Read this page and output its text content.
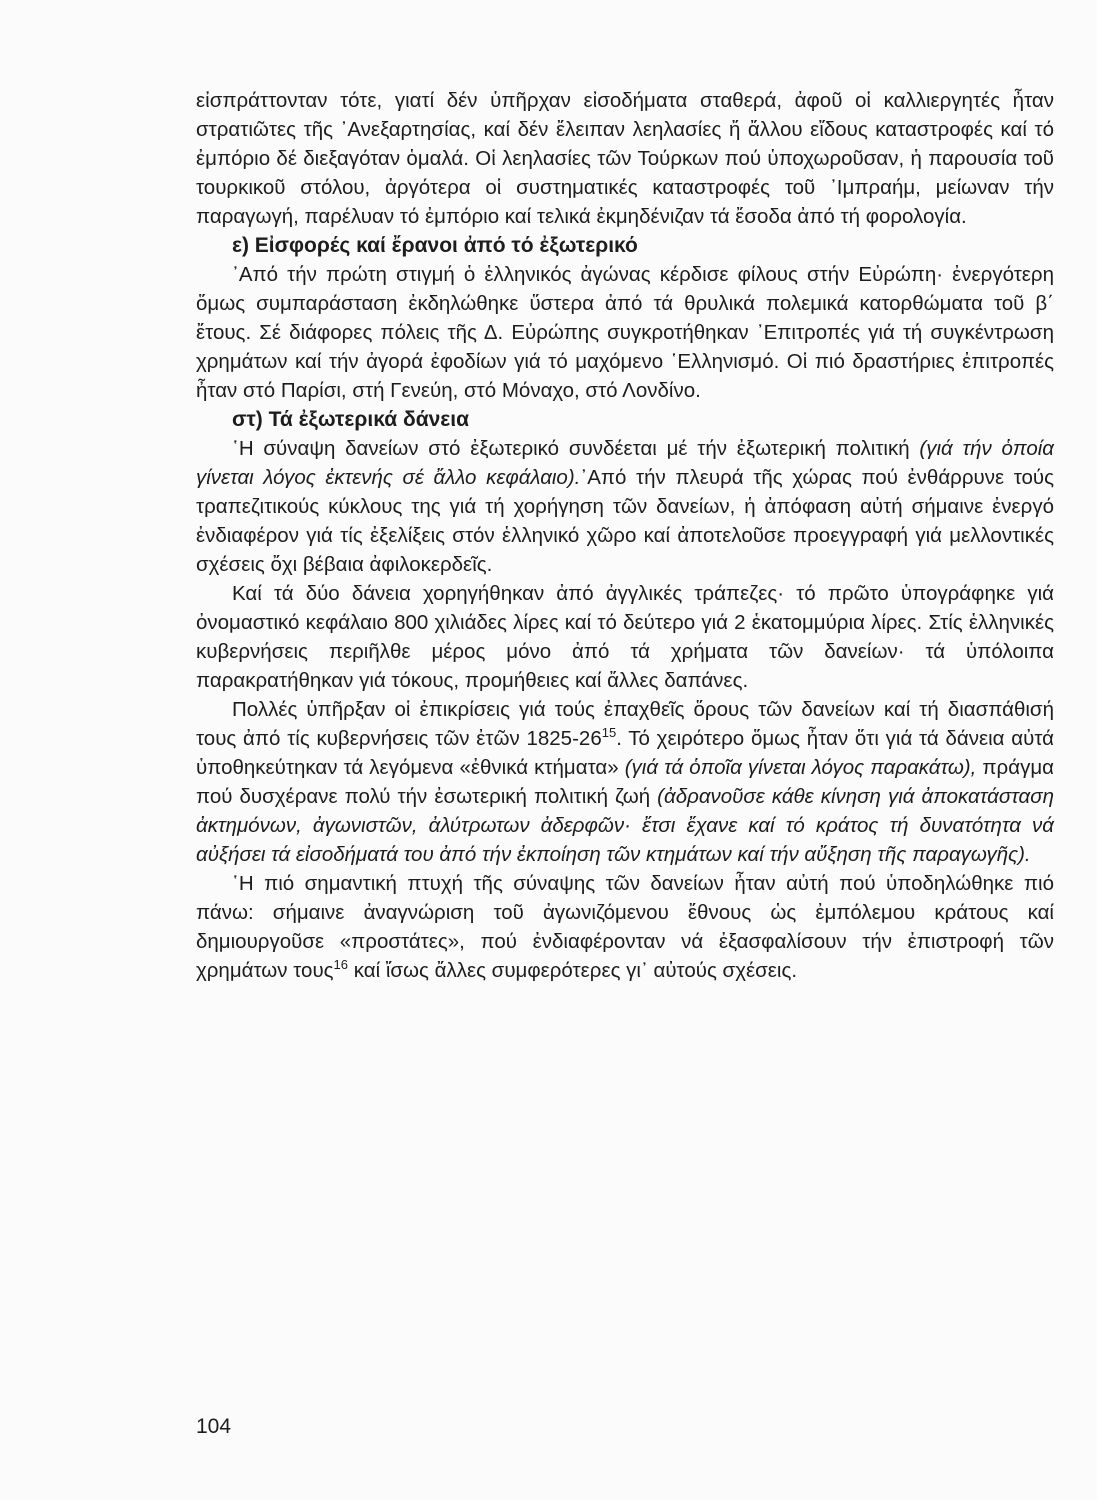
εἰσπράττονταν τότε, γιατί δέν ὑπῆρχαν εἰσοδήματα σταθερά, ἀφοῦ οἱ καλλιεργητές ἦταν στρατιῶτες τῆς ᾿Ανεξαρτησίας, καί δέν ἔλειπαν λεηλασίες ἤ ἄλλου εἴδους καταστροφές καί τό ἐμπόριο δέ διεξαγόταν ὁμαλά. Οἱ λεηλασίες τῶν Τούρκων πού ὑποχωροῦσαν, ἡ παρουσία τοῦ τουρκικοῦ στόλου, ἀργότερα οἱ συστηματικές καταστροφές τοῦ ᾿Ιμπραήμ, μείωναν τήν παραγωγή, παρέλυαν τό ἐμπόριο καί τελικά ἐκμηδένιζαν τά ἔσοδα ἀπό τή φορολογία.

ε) Εἰσφορές καί ἔρανοι ἀπό τό ἐξωτερικό

᾿Από τήν πρώτη στιγμή ὁ ἑλληνικός ἀγώνας κέρδισε φίλους στήν Εὐρώπη· ἐνεργότερη ὅμως συμπαράσταση ἐκδηλώθηκε ὕστερα ἀπό τά θρυλικά πολεμικά κατορθώματα τοῦ β΄ ἔτους. Σέ διάφορες πόλεις τῆς Δ. Εὐρώπης συγκροτήθηκαν ᾿Επιτροπές γιά τή συγκέντρωση χρημάτων καί τήν ἀγορά ἐφοδίων γιά τό μαχόμενο ῾Ελληνισμό. Οἱ πιό δραστήριες ἐπιτροπές ἦταν στό Παρίσι, στή Γενεύη, στό Μόναχο, στό Λονδίνο.

στ) Τά ἐξωτερικά δάνεια

῾Η σύναψη δανείων στό ἐξωτερικό συνδέεται μέ τήν ἐξωτερική πολιτική (γιά τήν ὁποία γίνεται λόγος ἐκτενής σέ ἄλλο κεφάλαιο).᾿Από τήν πλευρά τῆς χώρας πού ἐνθάρρυνε τούς τραπεζιτικούς κύκλους της γιά τή χορήγηση τῶν δανείων, ἡ ἀπόφαση αὐτή σήμαινε ἐνεργό ἐνδιαφέρον γιά τίς ἐξελίξεις στόν ἑλληνικό χῶρο καί ἀποτελοῦσε προεγγραφή γιά μελλοντικές σχέσεις ὄχι βέβαια ἀφιλοκερδεῖς.

Καί τά δύο δάνεια χορηγήθηκαν ἀπό ἀγγλικές τράπεζες· τό πρῶτο ὑπογράφηκε γιά ὀνομαστικό κεφάλαιο 800 χιλιάδες λίρες καί τό δεύτερο γιά 2 ἑκατομμύρια λίρες. Στίς ἑλληνικές κυβερνήσεις περιῆλθε μέρος μόνο ἀπό τά χρήματα τῶν δανείων· τά ὑπόλοιπα παρακρατήθηκαν γιά τόκους, προμήθειες καί ἄλλες δαπάνες.

Πολλές ὑπῆρξαν οἱ ἐπικρίσεις γιά τούς ἐπαχθεῖς ὅρους τῶν δανείων καί τή διασπάθισή τους ἀπό τίς κυβερνήσεις τῶν ἐτῶν $1825-26^{15}$. Τό χειρότερο ὅμως ἦταν ὅτι γιά τά δάνεια αὐτά ὑποθηκεύτηκαν τά λεγόμενα «ἐθνικά κτήματα» (γιά τά ὁποῖα γίνεται λόγος παρακάτω), πράγμα πού δυσχέρανε πολύ τήν ἐσωτερική πολιτική ζωή (ἀδρανοῦσε κάθε κίνηση γιά ἀποκατάσταση ἀκτημόνων, ἀγωνιστῶν, ἀλύτρωτων ἀδερφῶν· ἔτσι ἔχανε καί τό κράτος τή δυνατότητα νά αὐξήσει τά εἰσοδήματά του ἀπό τήν ἐκποίηση τῶν κτημάτων καί τήν αὔξηση τῆς παραγωγῆς).

῾Η πιό σημαντική πτυχή τῆς σύναψης τῶν δανείων ἦταν αὐτή πού ὑποδηλώθηκε πιό πάνω: σήμαινε ἀναγνώριση τοῦ ἀγωνιζόμενου ἔθνους ὡς ἐμπόλεμου κράτους καί δημιουργοῦσε «προστάτες», πού ἐνδιαφέρονταν νά ἐξασφαλίσουν τήν ἐπιστροφή τῶν χρημάτων τους$^{16}$ καί ἴσως ἄλλες συμφερότερες γι᾿ αὐτούς σχέσεις.

104
